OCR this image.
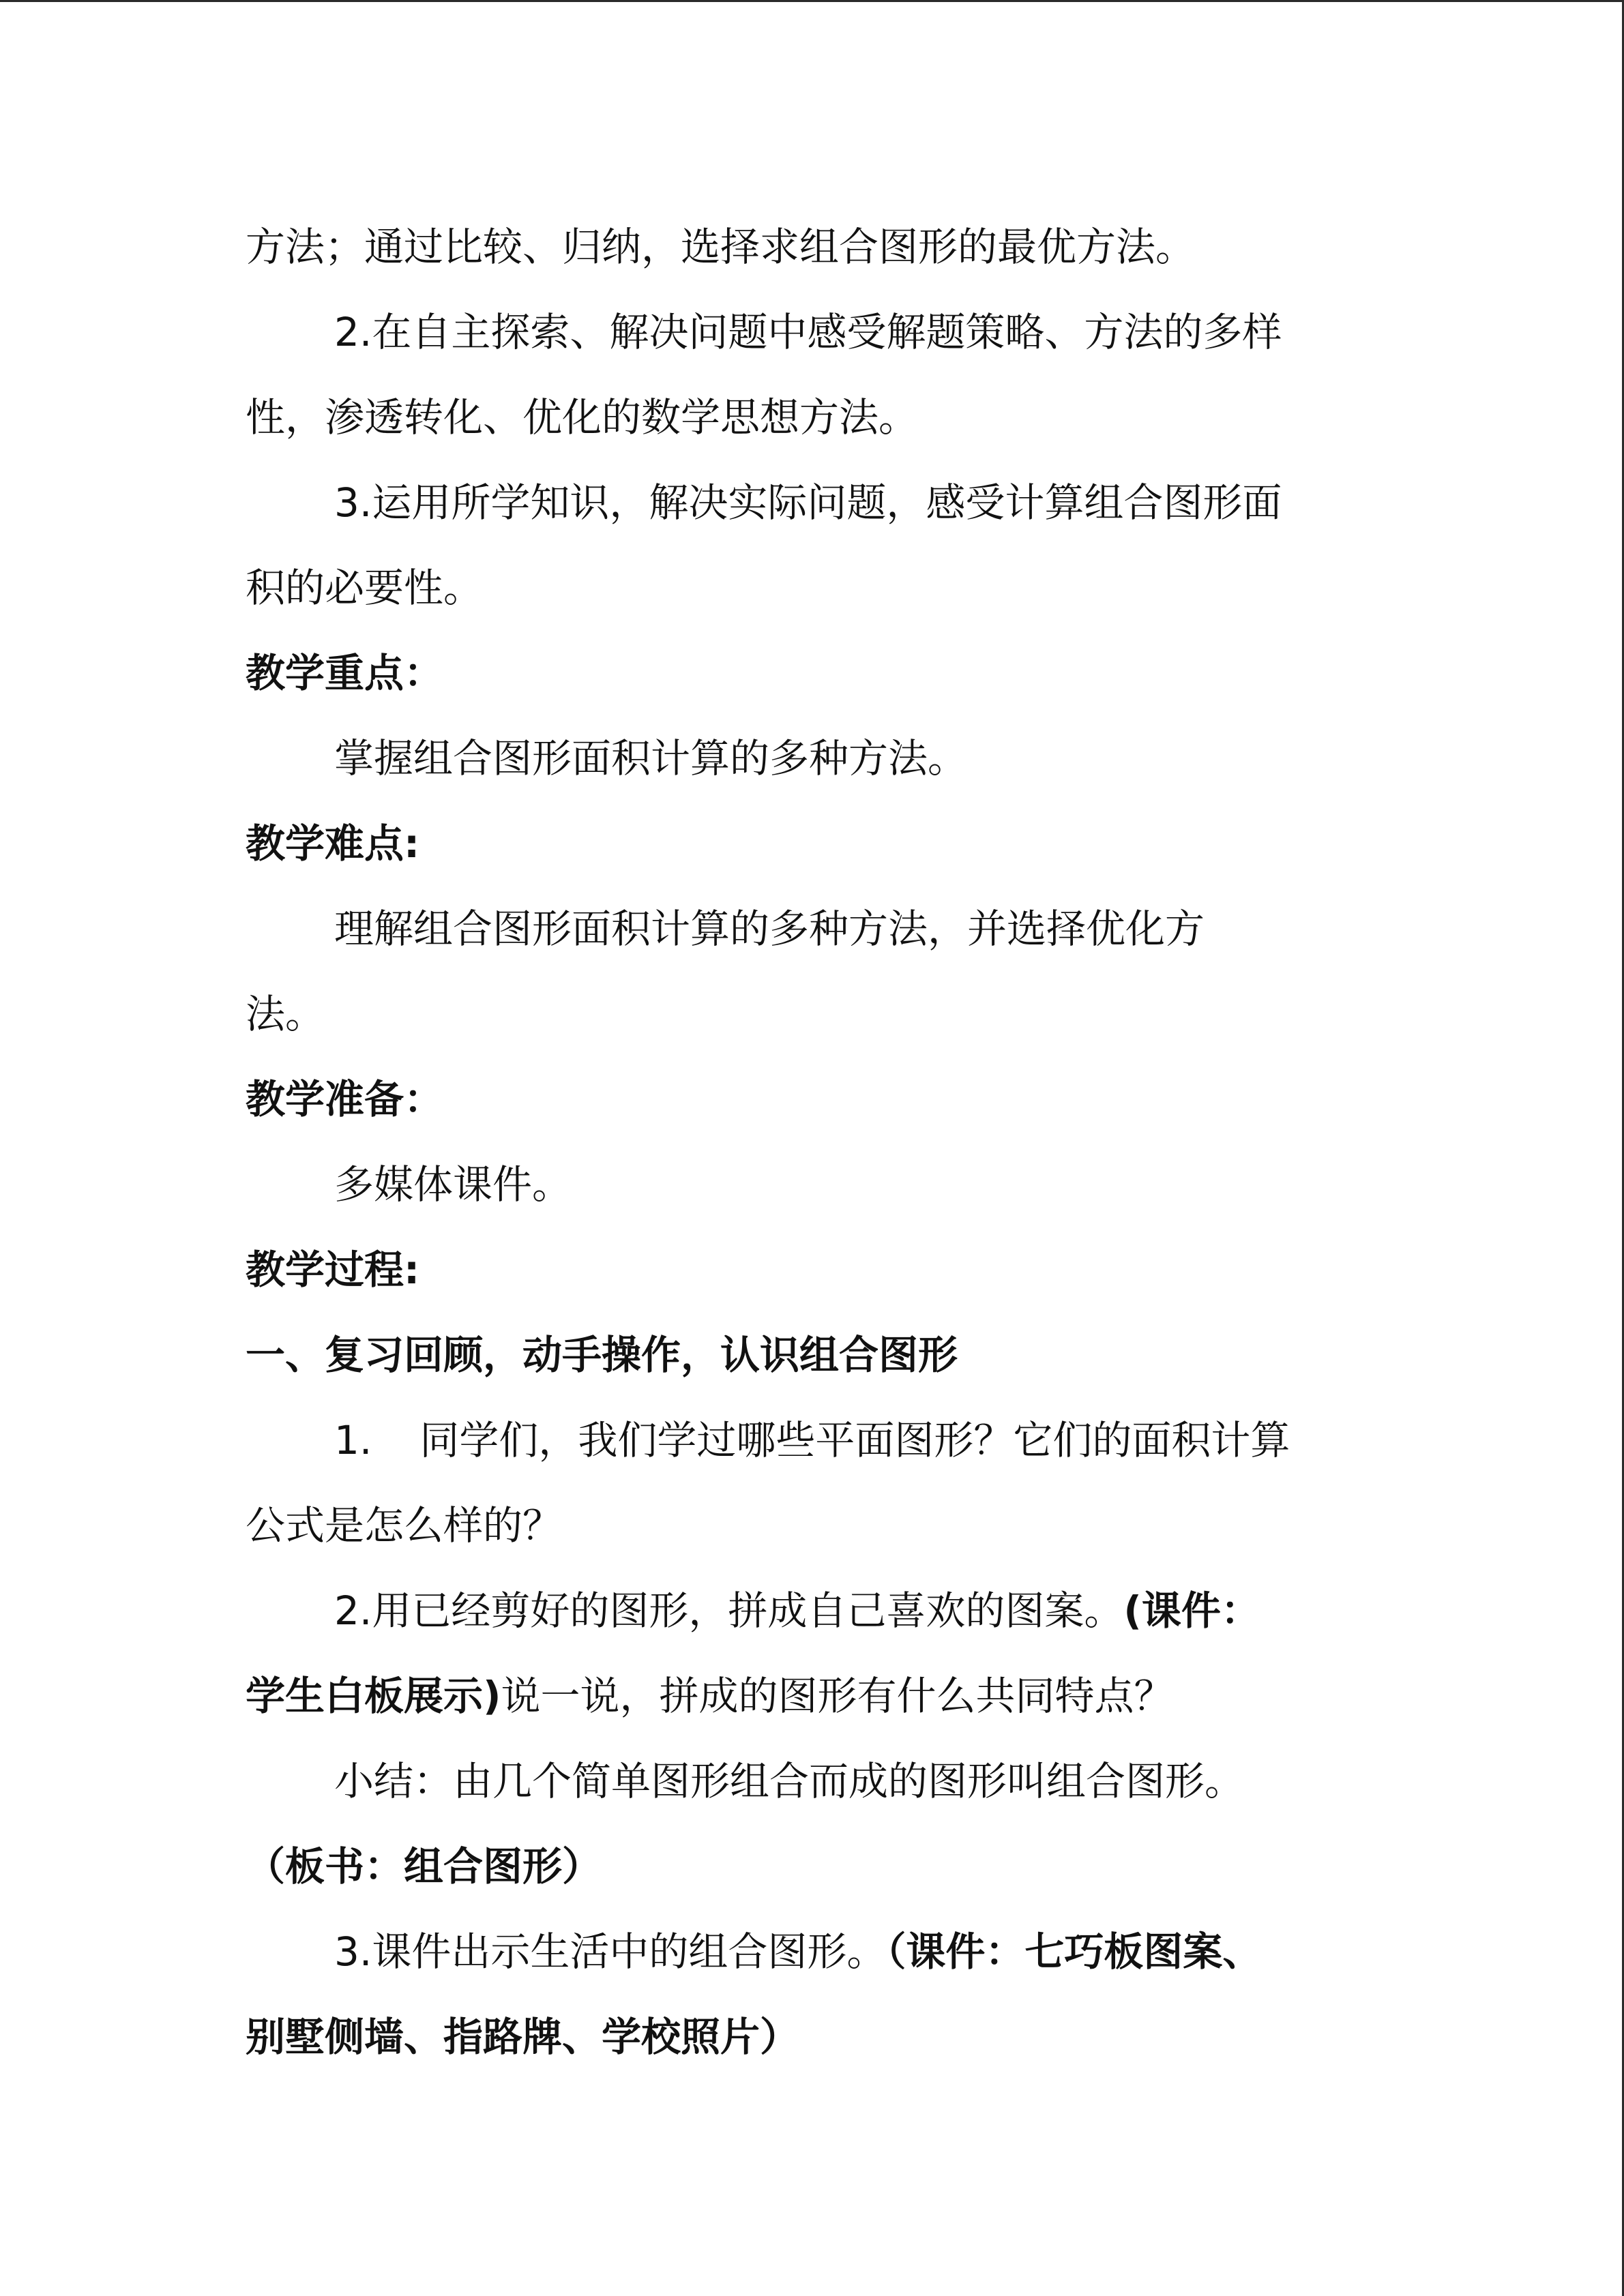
方法；通过比较、归纳，选择求组合图形的最优方法。

2.在自主探索、解决问题中感受解题策略、方法的多样

性，渗透转化、优化的数学思想方法。

3.运用所学知识，解决实际问题，感受计算组合图形面

积的必要性。

教学重点：

掌握组合图形面积计算的多种方法。

教学难点:

理解组合图形面积计算的多种方法，并选择优化方

法。

教学准备：

多媒体课件。

教学过程:

一、复习回顾，动手操作，认识组合图形

1. 同学们，我们学过哪些平面图形？它们的面积计算

公式是怎么样的？

2.用已经剪好的图形，拼成自己喜欢的图案。(课件：

学生白板展示)说一说，拼成的图形有什么共同特点？

小结：由几个简单图形组合而成的图形叫组合图形。

（板书：组合图形）

3.课件出示生活中的组合图形。（课件：七巧板图案、

别墅侧墙、指路牌、学校照片）
